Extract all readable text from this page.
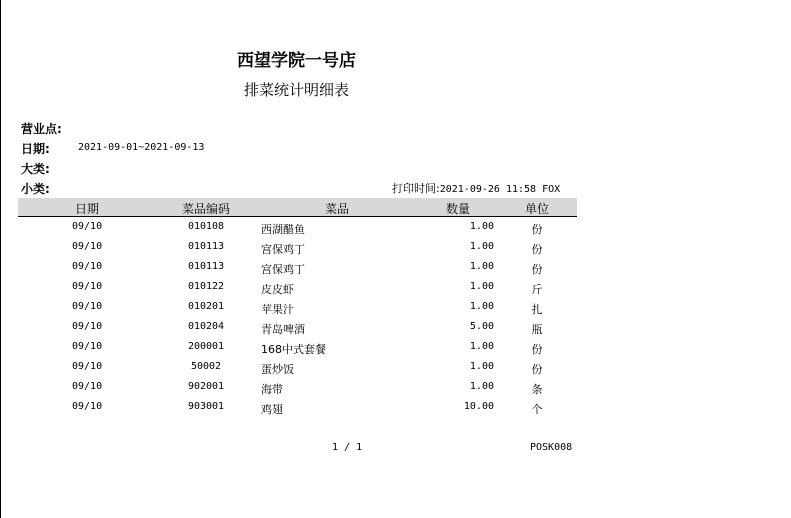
西望学院一号店
排菜统计明细表
营业点:
日期:	2021-09-01~2021-09-13
大类:
小类:	打印时间:2021-09-26 11:58 FOX
日期	菜品编码	菜品	数量	单位
09/10	010108	西湖醋鱼	1.00	份
09/10	010113	宫保鸡丁	1.00	份
09/10	010113	宫保鸡丁	1.00	份
09/10	010122	皮皮虾	1.00	斤
09/10	010201	苹果汁	1.00	扎
09/10	010204	青岛啤酒	5.00	瓶
09/10	200001	168中式套餐	1.00	份
09/10	50002	蛋炒饭	1.00	份
09/10	902001	海带	1.00	条
09/10	903001	鸡翅	10.00	个
1 / 1	POSK008
